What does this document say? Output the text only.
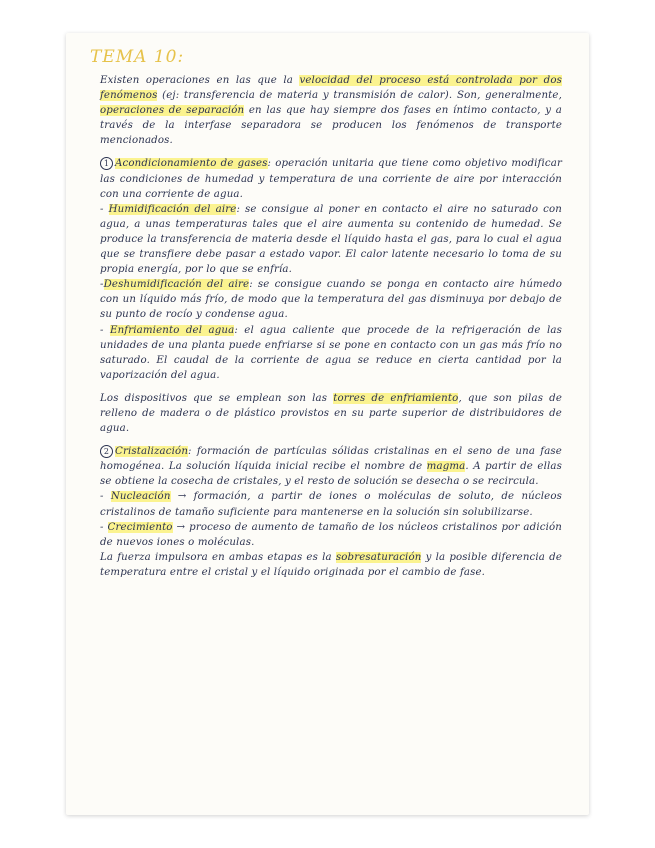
TEMA 10:

Existen operaciones en las que la velocidad del proceso está controlada por dos fenómenos (ej: transferencia de materia y transmisión de calor). Son, generalmente, operaciones de separación en las que hay siempre dos fases en íntimo contacto, y a través de la interfase separadora se producen los fenómenos de transporte mencionados.

1 Acondicionamiento de gases: operación unitaria que tiene como objetivo modificar las condiciones de humedad y temperatura de una corriente de aire por interacción con una corriente de agua.

- Humidificación del aire: se consigue al poner en contacto el aire no saturado con agua, a unas temperaturas tales que el aire aumenta su contenido de humedad. Se produce la transferencia de materia desde el líquido hasta el gas, para lo cual el agua que se transfiere debe pasar a estado vapor. El calor latente necesario lo toma de su propia energía, por lo que se enfría.

-Deshumidificación del aire: se consigue cuando se ponga en contacto aire húmedo con un líquido más frío, de modo que la temperatura del gas disminuya por debajo de su punto de rocío y condense agua.

- Enfriamiento del agua: el agua caliente que procede de la refrigeración de las unidades de una planta puede enfriarse si se pone en contacto con un gas más frío no saturado. El caudal de la corriente de agua se reduce en cierta cantidad por la vaporización del agua.

Los dispositivos que se emplean son las torres de enfriamiento, que son pilas de relleno de madera o de plástico provistos en su parte superior de distribuidores de agua.

2 Cristalización: formación de partículas sólidas cristalinas en el seno de una fase homogénea. La solución líquida inicial recibe el nombre de magma. A partir de ellas se obtiene la cosecha de cristales, y el resto de solución se desecha o se recircula.

- Nucleación → formación, a partir de iones o moléculas de soluto, de núcleos cristalinos de tamaño suficiente para mantenerse en la solución sin solubilizarse.

- Crecimiento → proceso de aumento de tamaño de los núcleos cristalinos por adición de nuevos iones o moléculas.

La fuerza impulsora en ambas etapas es la sobresaturación y la posible diferencia de temperatura entre el cristal y el líquido originada por el cambio de fase.
